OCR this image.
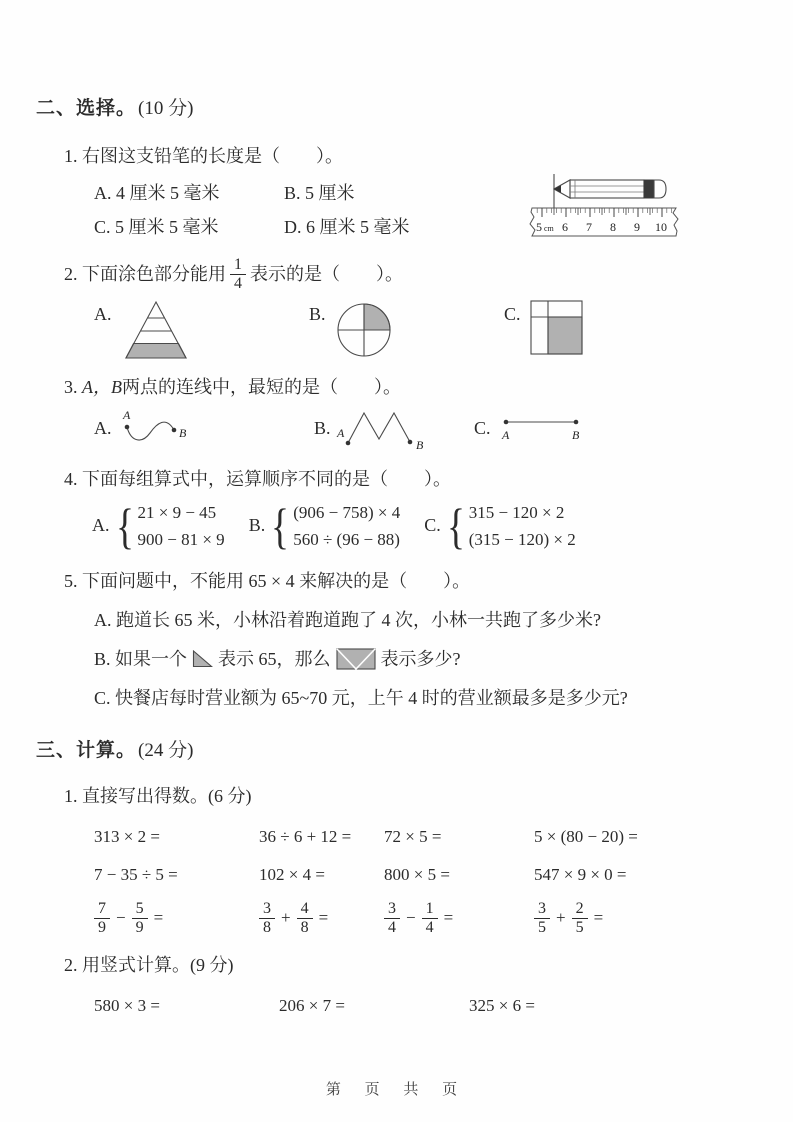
二、选择。 (10 分)
1. 右图这支铅笔的长度是（　　）。
A. 4 厘米 5 毫米	B. 5 厘米
C. 5 厘米 5 毫米	D. 6 厘米 5 毫米	5 cm 6 7 8 9 10
2. 下面涂色部分能用 $\frac{1}{4}$ 表示的是（　　）。
A.	B.	C.
3. A，B两点的连线中，最短的是（　　）。
A.
A
B	B. A
B
C. A	B
4. 下面每组算式中，运算顺序不同的是（　　）。
A. { 21 × 9 − 45
900 − 81 × 9
B. { (906 − 758) × 4
560 ÷ (96 − 88)
C. { 315 − 120 × 2
(315 − 120) × 2
5. 下面问题中，不能用 65 × 4 来解决的是（　　）。
A. 跑道长 65 米，小林沿着跑道跑了 4 次，小林一共跑了多少米?
B. 如果一个 表示 65，那么	表示多少?
C. 快餐店每时营业额为 65~70 元，上午 4 时的营业额最多是多少元?
三、计算。 (24 分)
1. 直接写出得数。(6 分)
313 × 2 =	36 ÷ 6 + 12 =	72 × 5 =	5 × (80 − 20) =
7 − 35 ÷ 5 =	102 × 4 =	800 × 5 =	547 × 9 × 0 =
$\frac{7}{9} - \frac{5}{9}$ =	$\frac{3}{8} + \frac{4}{8}$ =	$\frac{3}{4} - \frac{1}{4}$ =	$\frac{3}{5} + \frac{2}{5}$ =
2. 用竖式计算。(9 分)
580 × 3 =	206 × 7 =	325 × 6 =
第 页 共 页
